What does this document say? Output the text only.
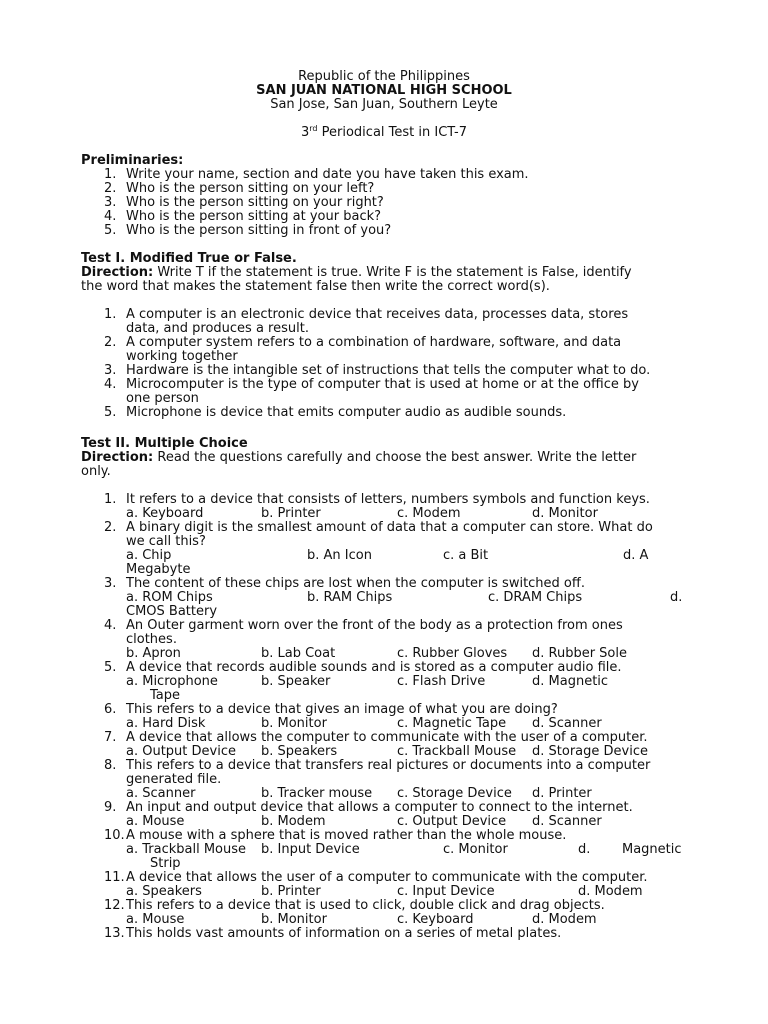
Republic of the Philippines
SAN JUAN NATIONAL HIGH SCHOOL
San Jose, San Juan, Southern Leyte
3rd Periodical Test in ICT-7
Preliminaries:
1. Write your name, section and date you have taken this exam.
2. Who is the person sitting on your left?
3. Who is the person sitting on your right?
4. Who is the person sitting at your back?
5. Who is the person sitting in front of you?
Test I. Modified True or False.
Direction: Write T if the statement is true. Write F is the statement is False, identify
the word that makes the statement false then write the correct word(s).
1. A computer is an electronic device that receives data, processes data, stores
data, and produces a result.
2. A computer system refers to a combination of hardware, software, and data
working together
3. Hardware is the intangible set of instructions that tells the computer what to do.
4. Microcomputer is the type of computer that is used at home or at the office by
one person
5. Microphone is device that emits computer audio as audible sounds.
Test II. Multiple Choice
Direction: Read the questions carefully and choose the best answer. Write the letter
only.
1. It refers to a device that consists of letters, numbers symbols and function keys.
a. Keyboard	b. Printer	c. Modem	d. Monitor
2. A binary digit is the smallest amount of data that a computer can store. What do
we call this?
a. Chip	b. An Icon	c. a Bit	d. A
Megabyte
3. The content of these chips are lost when the computer is switched off.
a. ROM Chips	b. RAM Chips	c. DRAM Chips	d.
CMOS Battery
4. An Outer garment worn over the front of the body as a protection from ones
clothes.
b. Apron	b. Lab Coat	c. Rubber Gloves d. Rubber Sole
5. A device that records audible sounds and is stored as a computer audio file.
a. Microphone	b. Speaker	c. Flash Drive	d. Magnetic
Tape
6. This refers to a device that gives an image of what you are doing?
a. Hard Disk	b. Monitor	c. Magnetic Tape d. Scanner
7. A device that allows the computer to communicate with the user of a computer.
a. Output Device b. Speakers	c. Trackball Mouse d. Storage Device
8. This refers to a device that transfers real pictures or documents into a computer
generated file.
a. Scanner	b. Tracker mouse c. Storage Device d. Printer
9. An input and output device that allows a computer to connect to the internet.
a. Mouse	b. Modem	c. Output Device d. Scanner
10. A mouse with a sphere that is moved rather than the whole mouse.
a. Trackball Mouse b. Input Device	c. Monitor	d. Magnetic
Strip
11. A device that allows the user of a computer to communicate with the computer.
a. Speakers	b. Printer	c. Input Device	d. Modem
12. This refers to a device that is used to click, double click and drag objects.
a. Mouse	b. Monitor	c. Keyboard	d. Modem
13. This holds vast amounts of information on a series of metal plates.
